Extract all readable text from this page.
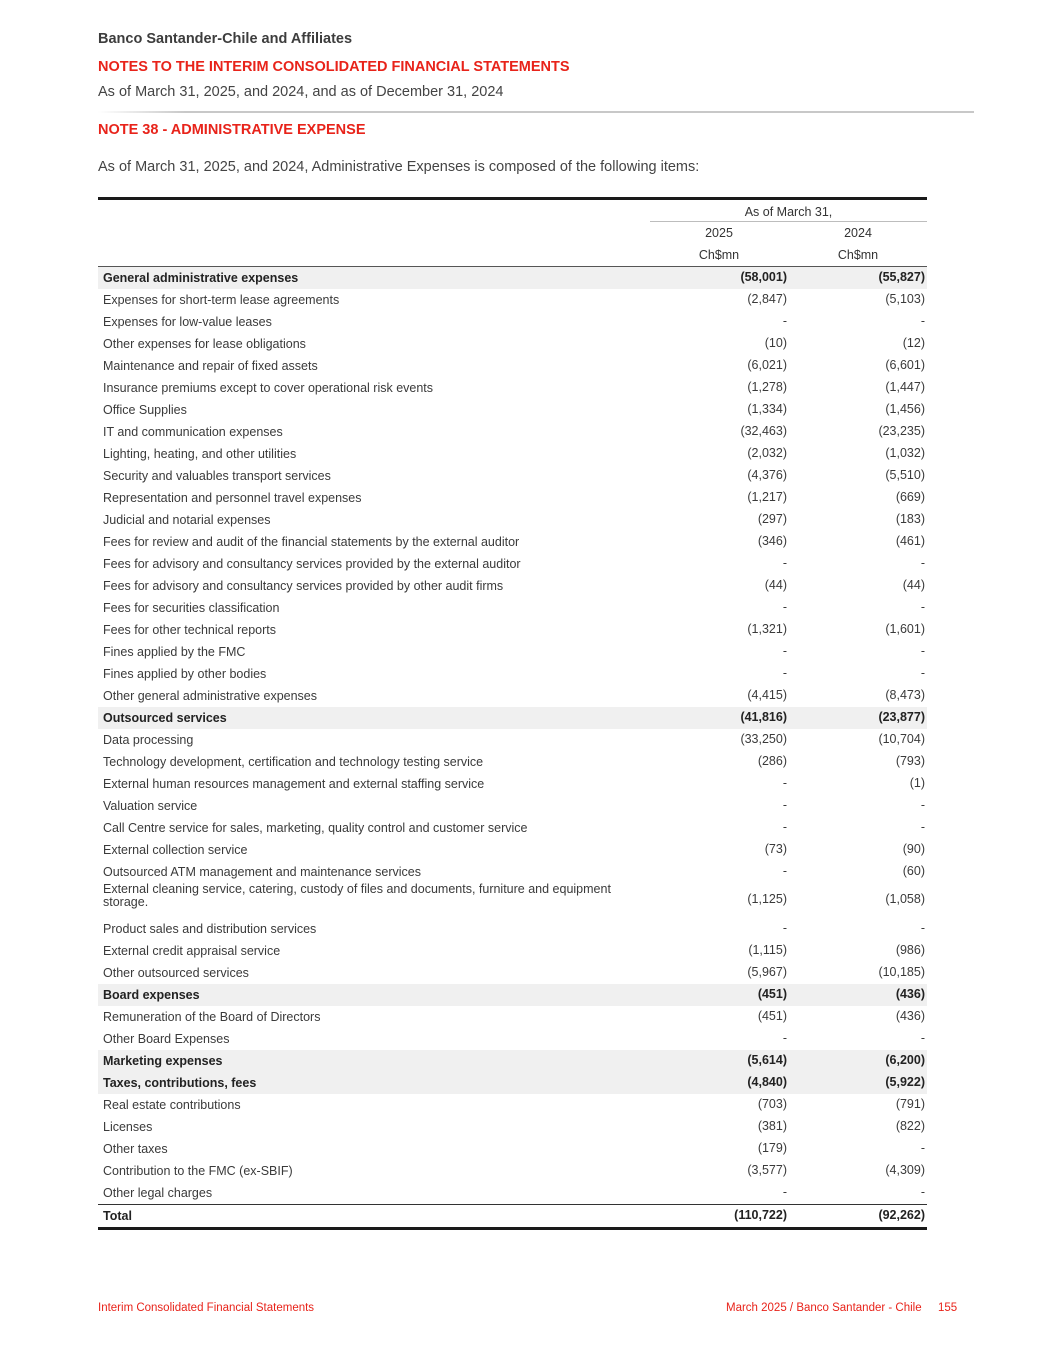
Banco Santander-Chile and Affiliates
NOTES TO THE INTERIM CONSOLIDATED FINANCIAL STATEMENTS
As of March 31, 2025, and 2024, and as of December 31, 2024
NOTE 38 - ADMINISTRATIVE EXPENSE
As of March 31, 2025, and 2024, Administrative Expenses is composed of the following items:
As of March 31,
2025	2024
Ch$mn	Ch$mn
General administrative expenses	(58,001)	(55,827)
Expenses for short-term lease agreements	(2,847)	(5,103)
Expenses for low-value leases	-	-
Other expenses for lease obligations	(10)	(12)
Maintenance and repair of fixed assets	(6,021)	(6,601)
Insurance premiums except to cover operational risk events	(1,278)	(1,447)
Office Supplies	(1,334)	(1,456)
IT and communication expenses	(32,463)	(23,235)
Lighting, heating, and other utilities	(2,032)	(1,032)
Security and valuables transport services	(4,376)	(5,510)
Representation and personnel travel expenses	(1,217)	(669)
Judicial and notarial expenses	(297)	(183)
Fees for review and audit of the financial statements by the external auditor	(346)	(461)
Fees for advisory and consultancy services provided by the external auditor	-	-
Fees for advisory and consultancy services provided by other audit firms	(44)	(44)
Fees for securities classification	-	-
Fees for other technical reports	(1,321)	(1,601)
Fines applied by the FMC	-	-
Fines applied by other bodies	-	-
Other general administrative expenses	(4,415)	(8,473)
Outsourced services	(41,816)	(23,877)
Data processing	(33,250)	(10,704)
Technology development, certification and technology testing service	(286)	(793)
External human resources management and external staffing service	-	(1)
Valuation service	-	-
Call Centre service for sales, marketing, quality control and customer service	-	-
External collection service	(73)	(90)
Outsourced ATM management and maintenance services	-	(60)
External cleaning service, catering, custody of files and documents, furniture and equipment storage.	(1,125)	(1,058)
Product sales and distribution services	-	-
External credit appraisal service	(1,115)	(986)
Other outsourced services	(5,967)	(10,185)
Board expenses	(451)	(436)
Remuneration of the Board of Directors	(451)	(436)
Other Board Expenses	-	-
Marketing expenses	(5,614)	(6,200)
Taxes, contributions, fees	(4,840)	(5,922)
Real estate contributions	(703)	(791)
Licenses	(381)	(822)
Other taxes	(179)	-
Contribution to the FMC (ex-SBIF)	(3,577)	(4,309)
Other legal charges	-	-
Total	(110,722)	(92,262)
Interim Consolidated Financial Statements	March 2025 / Banco Santander - Chile 155
